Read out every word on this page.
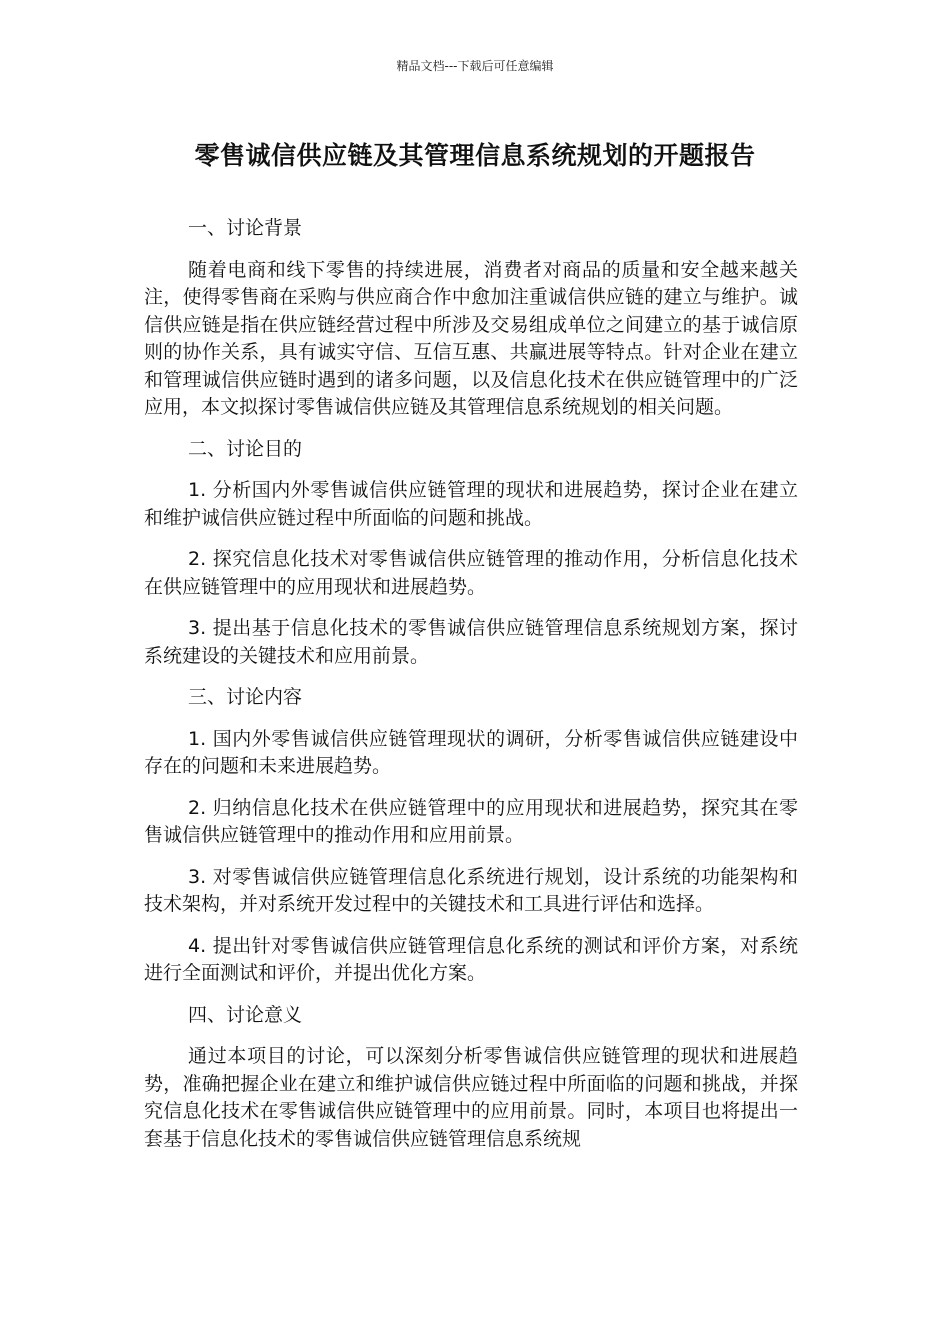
精品文档---下载后可任意编辑
零售诚信供应链及其管理信息系统规划的开题报告

一、讨论背景

随着电商和线下零售的持续进展，消费者对商品的质量和安全越来越关注，使得零售商在采购与供应商合作中愈加注重诚信供应链的建立与维护。诚信供应链是指在供应链经营过程中所涉及交易组成单位之间建立的基于诚信原则的协作关系，具有诚实守信、互信互惠、共赢进展等特点。针对企业在建立和管理诚信供应链时遇到的诸多问题，以及信息化技术在供应链管理中的广泛应用，本文拟探讨零售诚信供应链及其管理信息系统规划的相关问题。

二、讨论目的

1. 分析国内外零售诚信供应链管理的现状和进展趋势，探讨企业在建立和维护诚信供应链过程中所面临的问题和挑战。

2. 探究信息化技术对零售诚信供应链管理的推动作用，分析信息化技术在供应链管理中的应用现状和进展趋势。

3. 提出基于信息化技术的零售诚信供应链管理信息系统规划方案，探讨系统建设的关键技术和应用前景。

三、讨论内容

1. 国内外零售诚信供应链管理现状的调研，分析零售诚信供应链建设中存在的问题和未来进展趋势。

2. 归纳信息化技术在供应链管理中的应用现状和进展趋势，探究其在零售诚信供应链管理中的推动作用和应用前景。

3. 对零售诚信供应链管理信息化系统进行规划，设计系统的功能架构和技术架构，并对系统开发过程中的关键技术和工具进行评估和选择。

4. 提出针对零售诚信供应链管理信息化系统的测试和评价方案，对系统进行全面测试和评价，并提出优化方案。

四、讨论意义

通过本项目的讨论，可以深刻分析零售诚信供应链管理的现状和进展趋势，准确把握企业在建立和维护诚信供应链过程中所面临的问题和挑战，并探究信息化技术在零售诚信供应链管理中的应用前景。同时，本项目也将提出一套基于信息化技术的零售诚信供应链管理信息系统规
